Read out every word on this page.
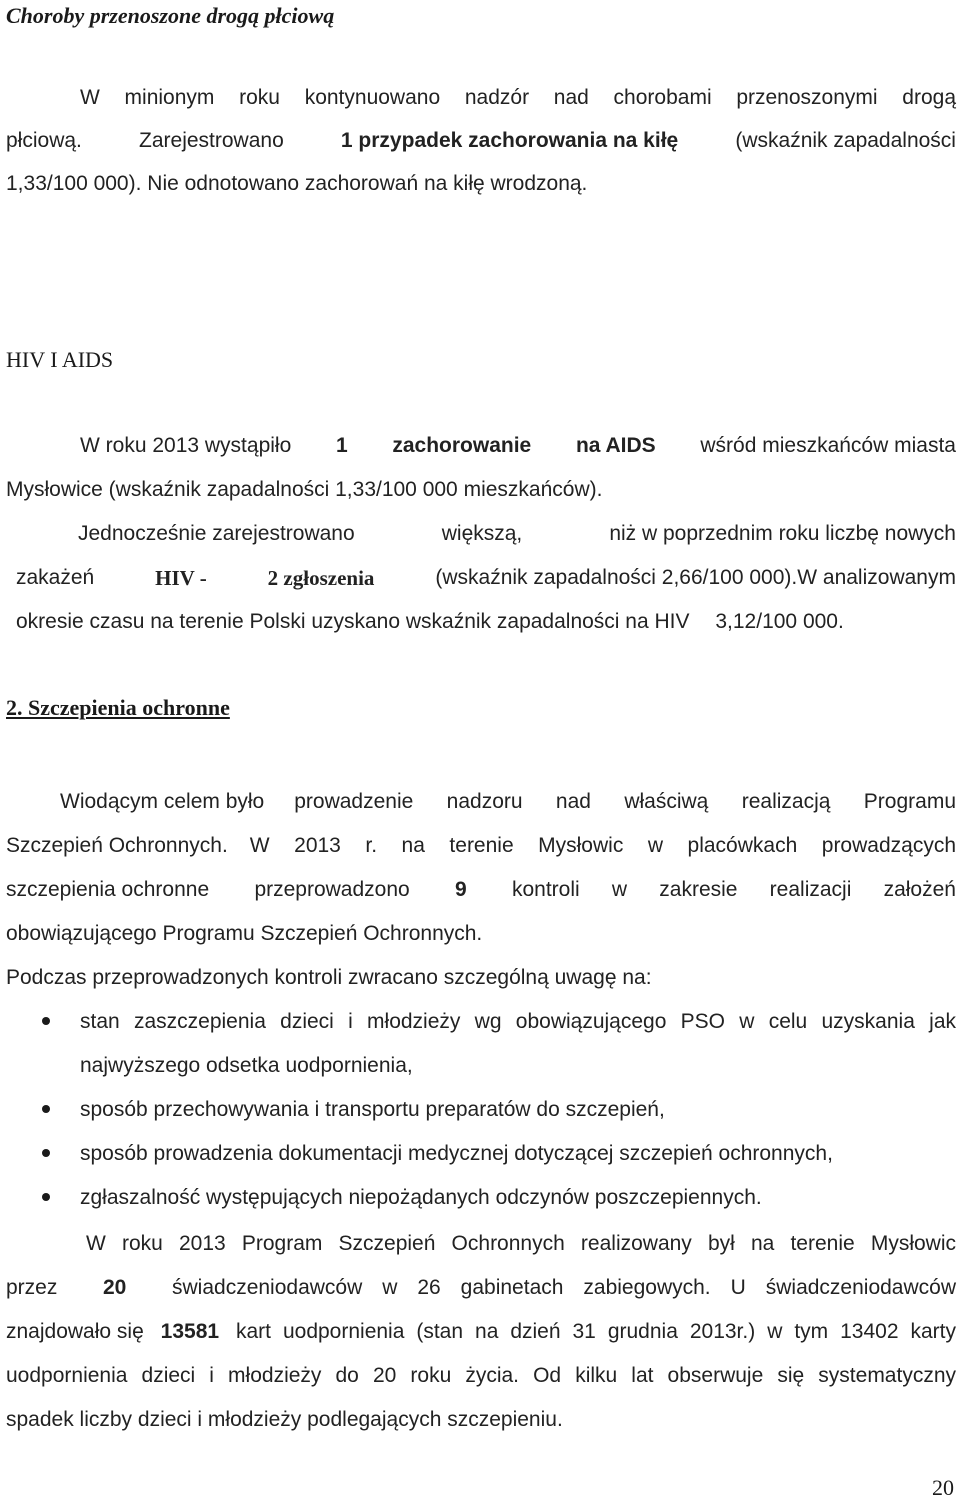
Choroby przenoszone drogą płciową
W minionym roku kontynuowano nadzór nad chorobami przenoszonymi drogą
płciową.	Zarejestrowano	1 przypadek zachorowania na kiłę	(wskaźnik zapadalności
1,33/100 000). Nie odnotowano zachorowań na kiłę wrodzoną.
HIV I AIDS
W roku 2013 wystąpiło 1 zachorowanie na AIDS wśród mieszkańców miasta
Mysłowice (wskaźnik zapadalności 1,33/100 000 mieszkańców).
Jednocześnie zarejestrowano	większą,	niż w poprzednim roku liczbę nowych
zakażeń	HIV -	2 zgłoszenia	(wskaźnik zapadalności 2,66/100 000).W analizowanym
okresie czasu na terenie Polski uzyskano wskaźnik zapadalności na HIV 3,12/100 000.
2. Szczepienia ochronne
Wiodącym celem było prowadzenie nadzoru nad właściwą realizacją Programu
Szczepień Ochronnych. W 2013 r. na terenie Mysłowic w placówkach prowadzących
szczepienia ochronne przeprowadzono 9 kontroli w zakresie realizacji założeń
obowiązującego Programu Szczepień Ochronnych.
Podczas przeprowadzonych kontroli zwracano szczególną uwagę na:
stan zaszczepienia dzieci i młodzieży wg obowiązującego PSO w celu uzyskania jak
najwyższego odsetka uodpornienia,
sposób przechowywania i transportu preparatów do szczepień,
sposób prowadzenia dokumentacji medycznej dotyczącej szczepień ochronnych,
zgłaszalność występujących niepożądanych odczynów poszczepiennych.
W roku 2013 Program Szczepień Ochronnych realizowany był na terenie Mysłowic
przez 20 świadczeniodawców w 26 gabinetach zabiegowych. U świadczeniodawców
znajdowało się 13581 kart uodpornienia (stan na dzień 31 grudnia 2013r.) w tym 13402 karty
uodpornienia dzieci i młodzieży do 20 roku życia. Od kilku lat obserwuje się systematyczny
spadek liczby dzieci i młodzieży podlegających szczepieniu.
20
